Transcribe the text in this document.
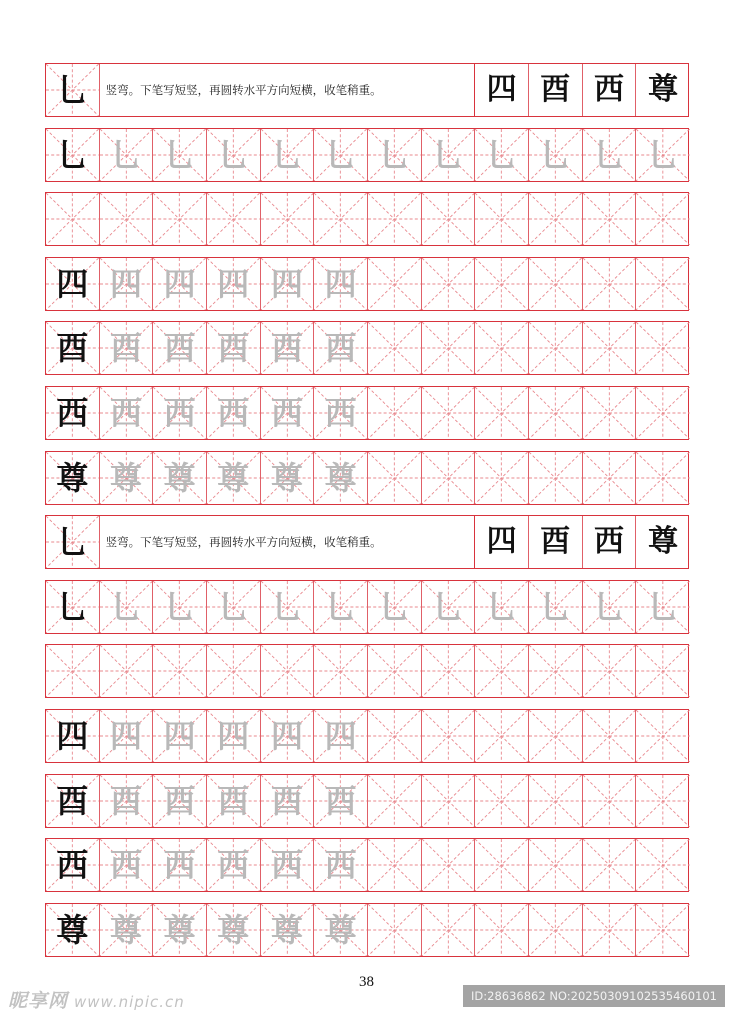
乚	竖弯。下笔写短竖，再圆转水平方向短横，收笔稍重。	四 酉 西 尊
乚 乚 乚 乚 乚 乚 乚 乚 乚 乚 乚 乚
四 四 四 四 四 四
酉 酉 酉 酉 酉 酉
西 西 西 西 西 西
尊 尊 尊 尊 尊 尊
乚	竖弯。下笔写短竖，再圆转水平方向短横，收笔稍重。	四 酉 西 尊
乚 乚 乚 乚 乚 乚 乚 乚 乚 乚 乚 乚
四 四 四 四 四 四
酉 酉 酉 酉 酉 酉
西 西 西 西 西 西
尊 尊 尊 尊 尊 尊
38
昵享网 www.nipic.cn	ID:28636862 NO:20250309102535460101
